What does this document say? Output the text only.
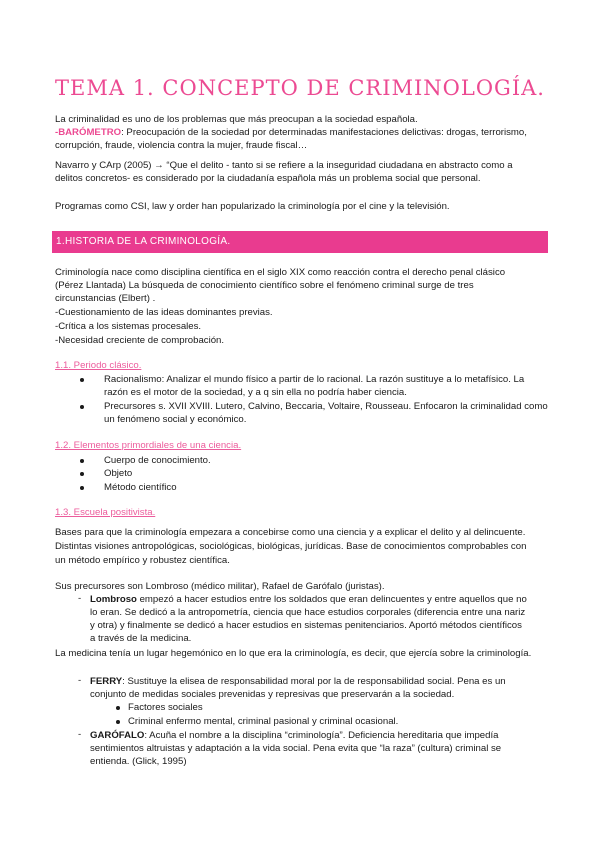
TEMA 1. CONCEPTO DE CRIMINOLOGÍA.
La criminalidad es uno de los problemas que más preocupan a la sociedad española.
-BARÓMETRO: Preocupación de la sociedad por determinadas manifestaciones delictivas: drogas, terrorismo,
corrupción, fraude, violencia contra la mujer, fraude fiscal…
Navarro y CArp (2005) → “Que el delito - tanto si se refiere a la inseguridad ciudadana en abstracto como a
delitos concretos- es considerado por la ciudadanía española más un problema social que personal.
Programas como CSI, law y order han popularizado la criminología por el cine y la televisión.
1.HISTORIA DE LA CRIMINOLOGÍA.
Criminología nace como disciplina científica en el siglo XIX como reacción contra el derecho penal clásico
(Pérez Llantada) La búsqueda de conocimiento científico sobre el fenómeno criminal surge de tres
circunstancias (Elbert) .
-Cuestionamiento de las ideas dominantes previas.
-Crítica a los sistemas procesales.
-Necesidad creciente de comprobación.
1.1. Periodo clásico.
Racionalismo: Analizar el mundo físico a partir de lo racional. La razón sustituye a lo metafísico. La
razón es el motor de la sociedad, y a q sin ella no podría haber ciencia.
Precursores s. XVII XVIII. Lutero, Calvino, Beccaria, Voltaire, Rousseau. Enfocaron la criminalidad como
un fenómeno social y económico.
1.2. Elementos primordiales de una ciencia.
Cuerpo de conocimiento.
Objeto
Método científico
1.3. Escuela positivista.
Bases para que la criminología empezara a concebirse como una ciencia y a explicar el delito y al delincuente.
Distintas visiones antropológicas, sociológicas, biológicas, jurídicas. Base de conocimientos comprobables con
un método empírico y robustez científica.
Sus precursores son Lombroso (médico militar), Rafael de Garófalo (juristas).
- Lombroso empezó a hacer estudios entre los soldados que eran delincuentes y entre aquellos que no
lo eran. Se dedicó a la antropometría, ciencia que hace estudios corporales (diferencia entre una nariz
y otra) y finalmente se dedicó a hacer estudios en sistemas penitenciarios. Aportó métodos científicos
a través de la medicina.
La medicina tenía un lugar hegemónico en lo que era la criminología, es decir, que ejercía sobre la criminología.
- FERRY: Sustituye la elisea de responsabilidad moral por la de responsabilidad social. Pena es un
conjunto de medidas sociales prevenidas y represivas que preservarán a la sociedad.
Factores sociales
Criminal enfermo mental, criminal pasional y criminal ocasional.
- GARÓFALO: Acuña el nombre a la disciplina “criminología”. Deficiencia hereditaria que impedía
sentimientos altruistas y adaptación a la vida social. Pena evita que “la raza” (cultura) criminal se
entienda. (Glick, 1995)
